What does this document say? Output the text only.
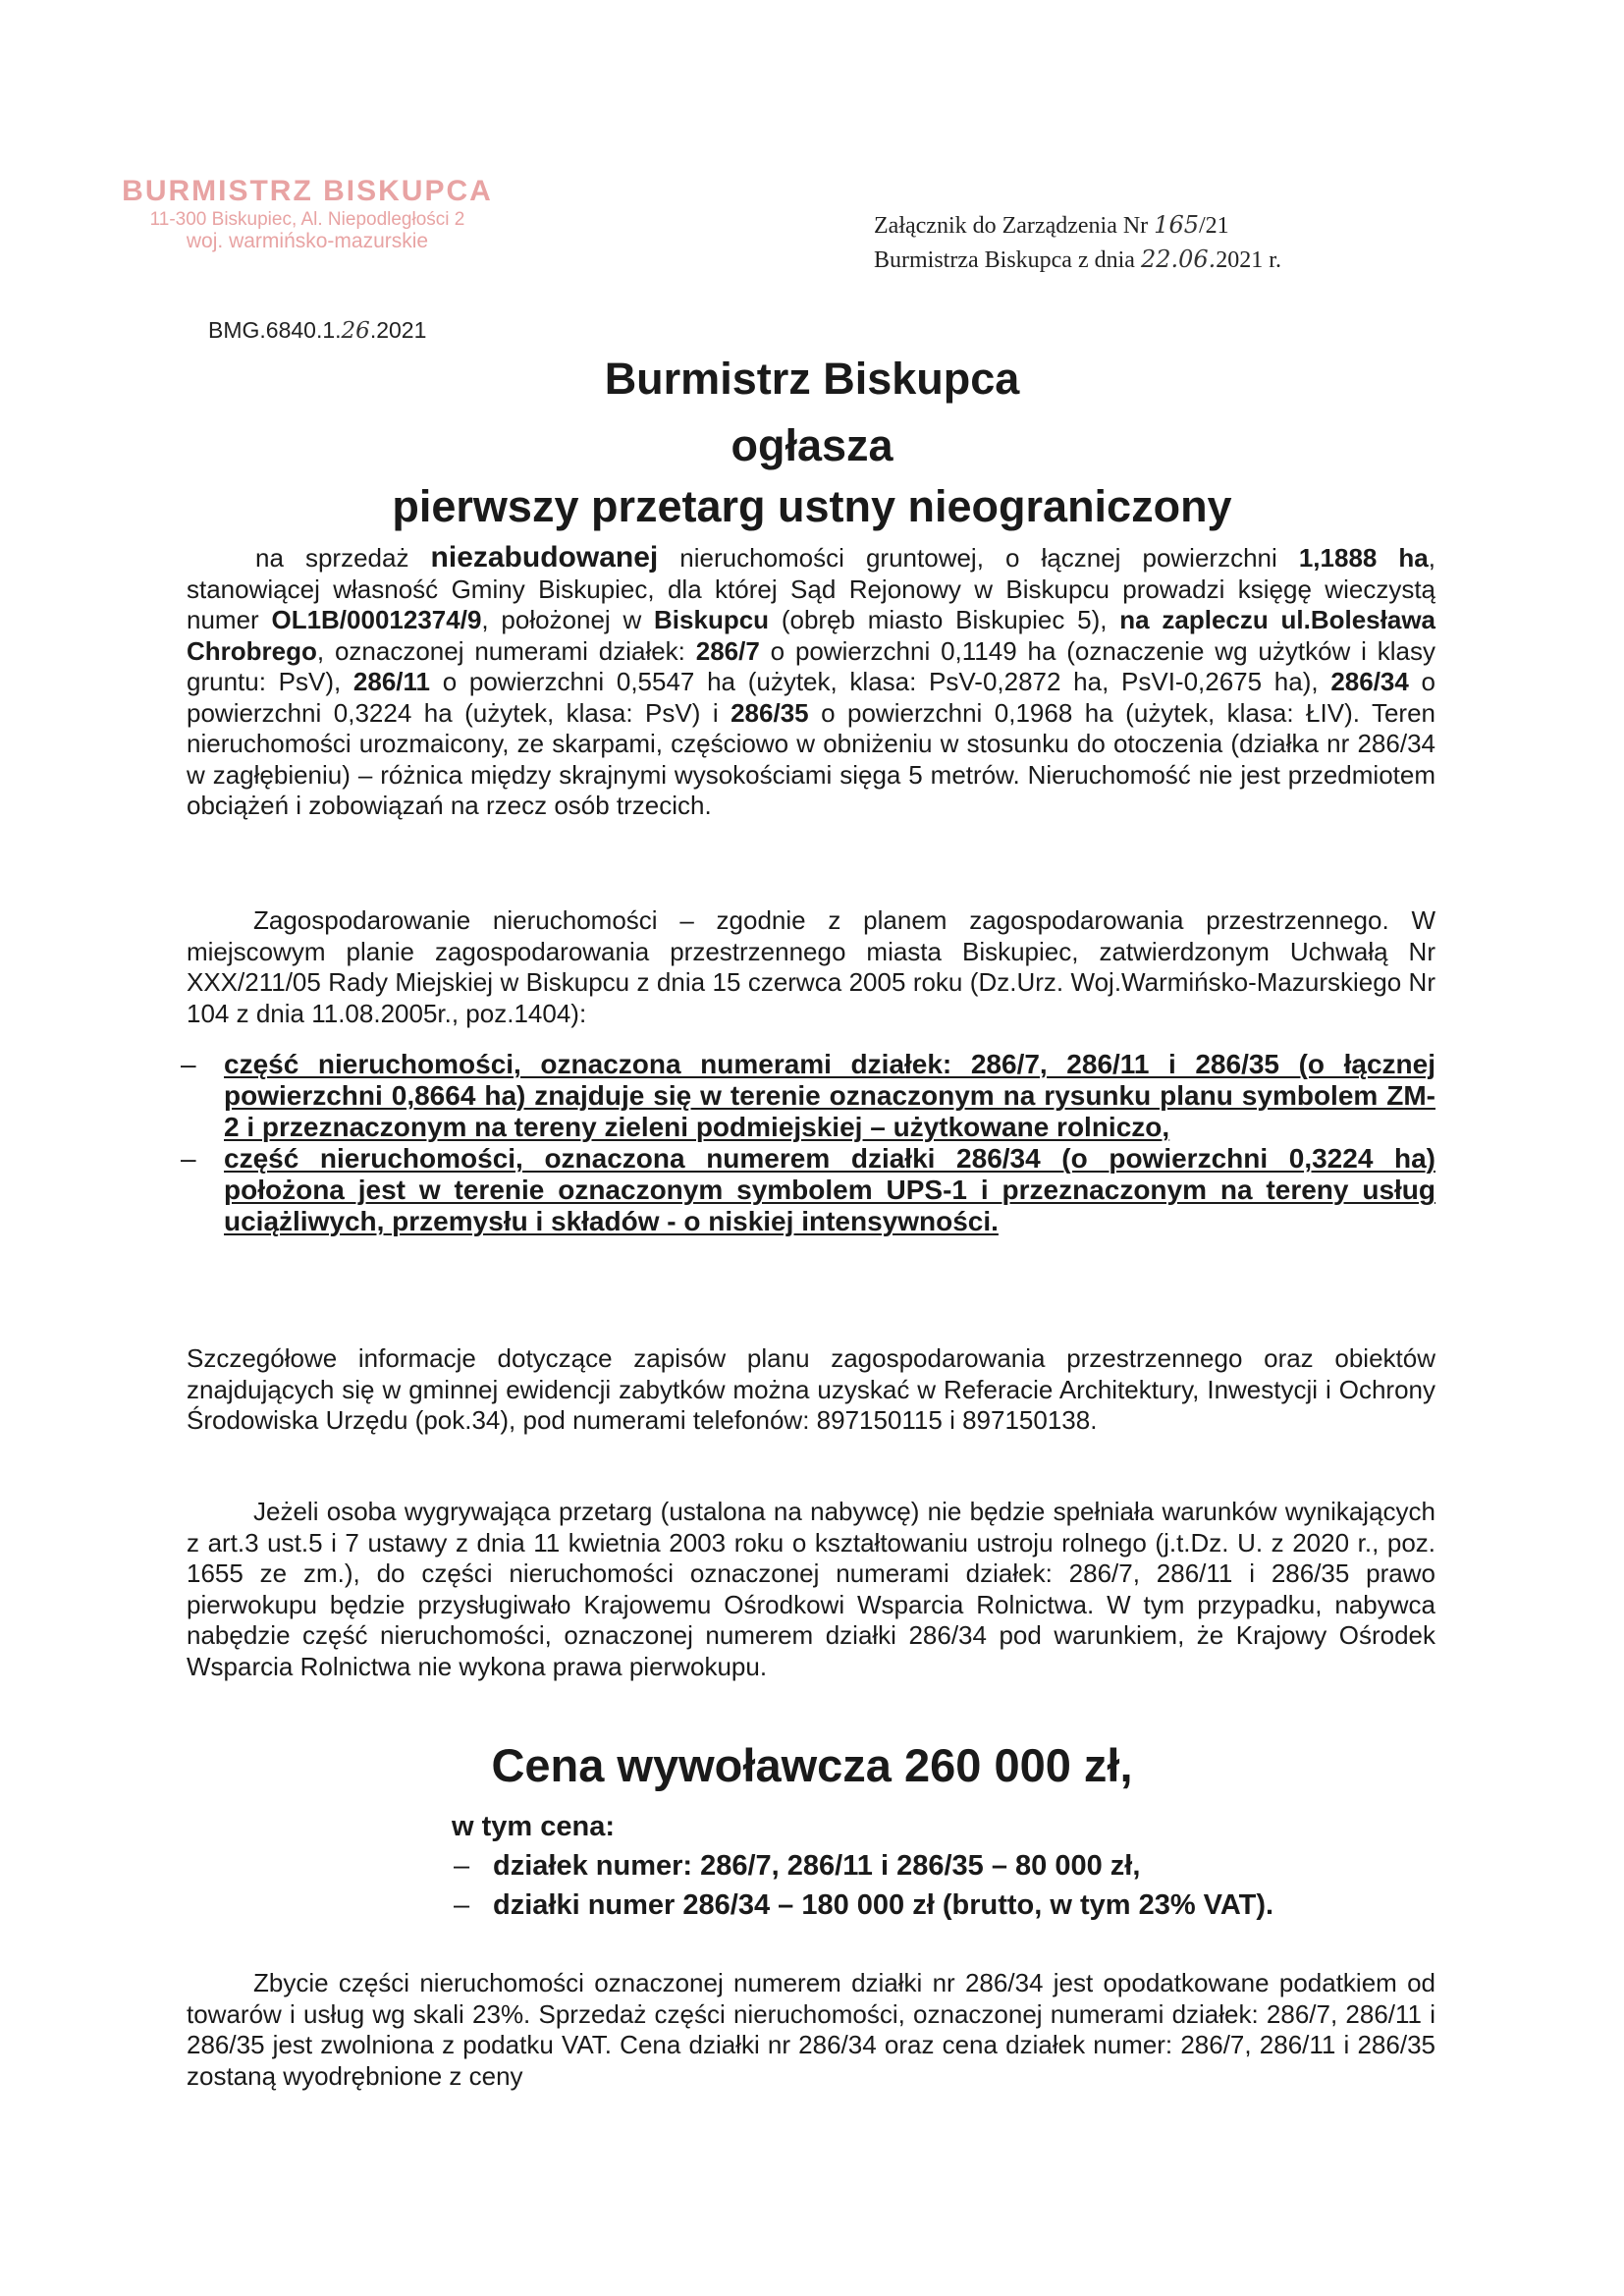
BURMISTRZ BISKUPCA
11-300 Biskupiec, Al. Niepodległości 2
woj. warmińsko-mazurskie
Załącznik do Zarządzenia Nr 165/21
Burmistrza Biskupca z dnia 22.06.2021 r.
BMG.6840.1.26.2021
Burmistrz Biskupca
ogłasza
pierwszy przetarg ustny nieograniczony

na sprzedaż niezabudowanej nieruchomości gruntowej, o łącznej powierzchni 1,1888 ha, stanowiącej własność Gminy Biskupiec, dla której Sąd Rejonowy w Biskupcu prowadzi księgę wieczystą numer OL1B/00012374/9, położonej w Biskupcu (obręb miasto Biskupiec 5), na zapleczu ul.Bolesława Chrobrego, oznaczonej numerami działek: 286/7 o powierzchni 0,1149 ha (oznaczenie wg użytków i klasy gruntu: PsV), 286/11 o powierzchni 0,5547 ha (użytek, klasa: PsV-0,2872 ha, PsVI-0,2675 ha), 286/34 o powierzchni 0,3224 ha (użytek, klasa: PsV) i 286/35 o powierzchni 0,1968 ha (użytek, klasa: ŁIV). Teren nieruchomości urozmaicony, ze skarpami, częściowo w obniżeniu w stosunku do otoczenia (działka nr 286/34 w zagłębieniu) – różnica między skrajnymi wysokościami sięga 5 metrów. Nieruchomość nie jest przedmiotem obciążeń i zobowiązań na rzecz osób trzecich.

Zagospodarowanie nieruchomości – zgodnie z planem zagospodarowania przestrzennego. W miejscowym planie zagospodarowania przestrzennego miasta Biskupiec, zatwierdzonym Uchwałą Nr XXX/211/05 Rady Miejskiej w Biskupcu z dnia 15 czerwca 2005 roku (Dz.Urz. Woj.Warmińsko-Mazurskiego Nr 104 z dnia 11.08.2005r., poz.1404):
– część nieruchomości, oznaczona numerami działek: 286/7, 286/11 i 286/35 (o łącznej powierzchni 0,8664 ha) znajduje się w terenie oznaczonym na rysunku planu symbolem ZM-2 i przeznaczonym na tereny zieleni podmiejskiej – użytkowane rolniczo,
– część nieruchomości, oznaczona numerem działki 286/34 (o powierzchni 0,3224 ha) położona jest w terenie oznaczonym symbolem UPS-1 i przeznaczonym na tereny usług uciążliwych, przemysłu i składów - o niskiej intensywności.
Szczegółowe informacje dotyczące zapisów planu zagospodarowania przestrzennego oraz obiektów znajdujących się w gminnej ewidencji zabytków można uzyskać w Referacie Architektury, Inwestycji i Ochrony Środowiska Urzędu (pok.34), pod numerami telefonów: 897150115 i 897150138.
Jeżeli osoba wygrywająca przetarg (ustalona na nabywcę) nie będzie spełniała warunków wynikających z art.3 ust.5 i 7 ustawy z dnia 11 kwietnia 2003 roku o kształtowaniu ustroju rolnego (j.t.Dz. U. z 2020 r., poz. 1655 ze zm.), do części nieruchomości oznaczonej numerami działek: 286/7, 286/11 i 286/35 prawo pierwokupu będzie przysługiwało Krajowemu Ośrodkowi Wsparcia Rolnictwa. W tym przypadku, nabywca nabędzie część nieruchomości, oznaczonej numerem działki 286/34 pod warunkiem, że Krajowy Ośrodek Wsparcia Rolnictwa nie wykona prawa pierwokupu.
Cena wywoławcza 260 000 zł,
w tym cena:
– działek numer: 286/7, 286/11 i 286/35 – 80 000 zł,
– działki numer 286/34 – 180 000 zł (brutto, w tym 23% VAT).
Zbycie części nieruchomości oznaczonej numerem działki nr 286/34 jest opodatkowane podatkiem od towarów i usług wg skali 23%. Sprzedaż części nieruchomości, oznaczonej numerami działek: 286/7, 286/11 i 286/35 jest zwolniona z podatku VAT. Cena działki nr 286/34 oraz cena działek numer: 286/7, 286/11 i 286/35 zostaną wyodrębnione z ceny
